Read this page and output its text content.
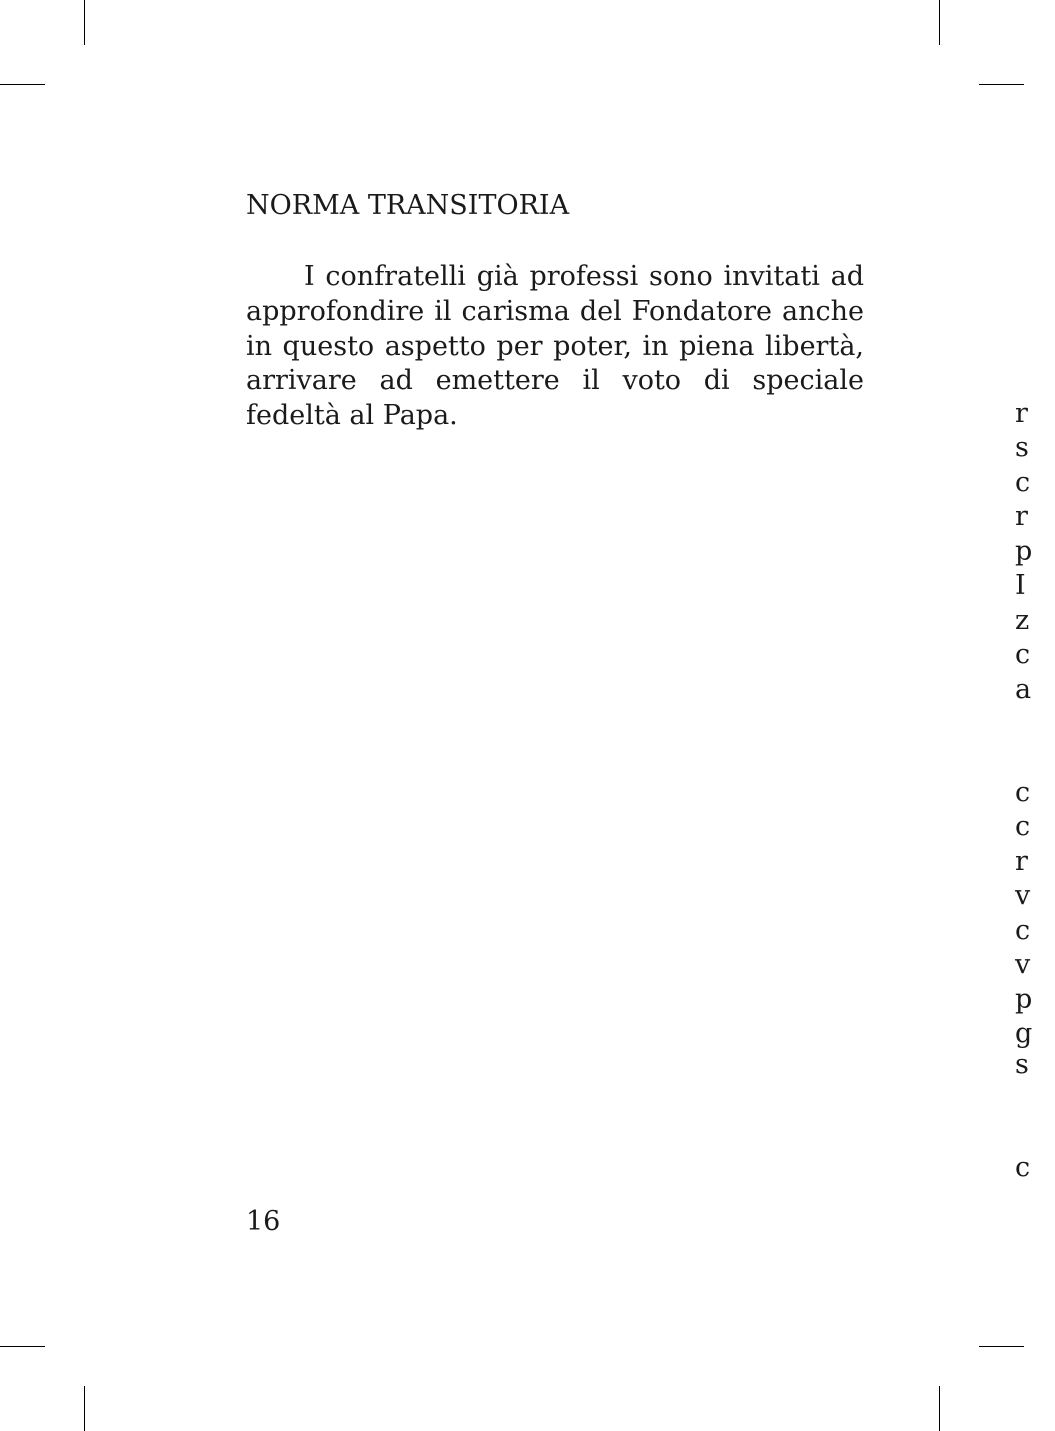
NORMA TRANSITORIA

I confratelli già professi sono invitati ad approfondire il carisma del Fondatore anche in questo aspetto per poter, in piena libertà, arrivare ad emettere il voto di speciale fedeltà al Papa.

16
r
s
c
r
p
I
z
c
a
c
c
r
v
c
v
p
g
s
c
